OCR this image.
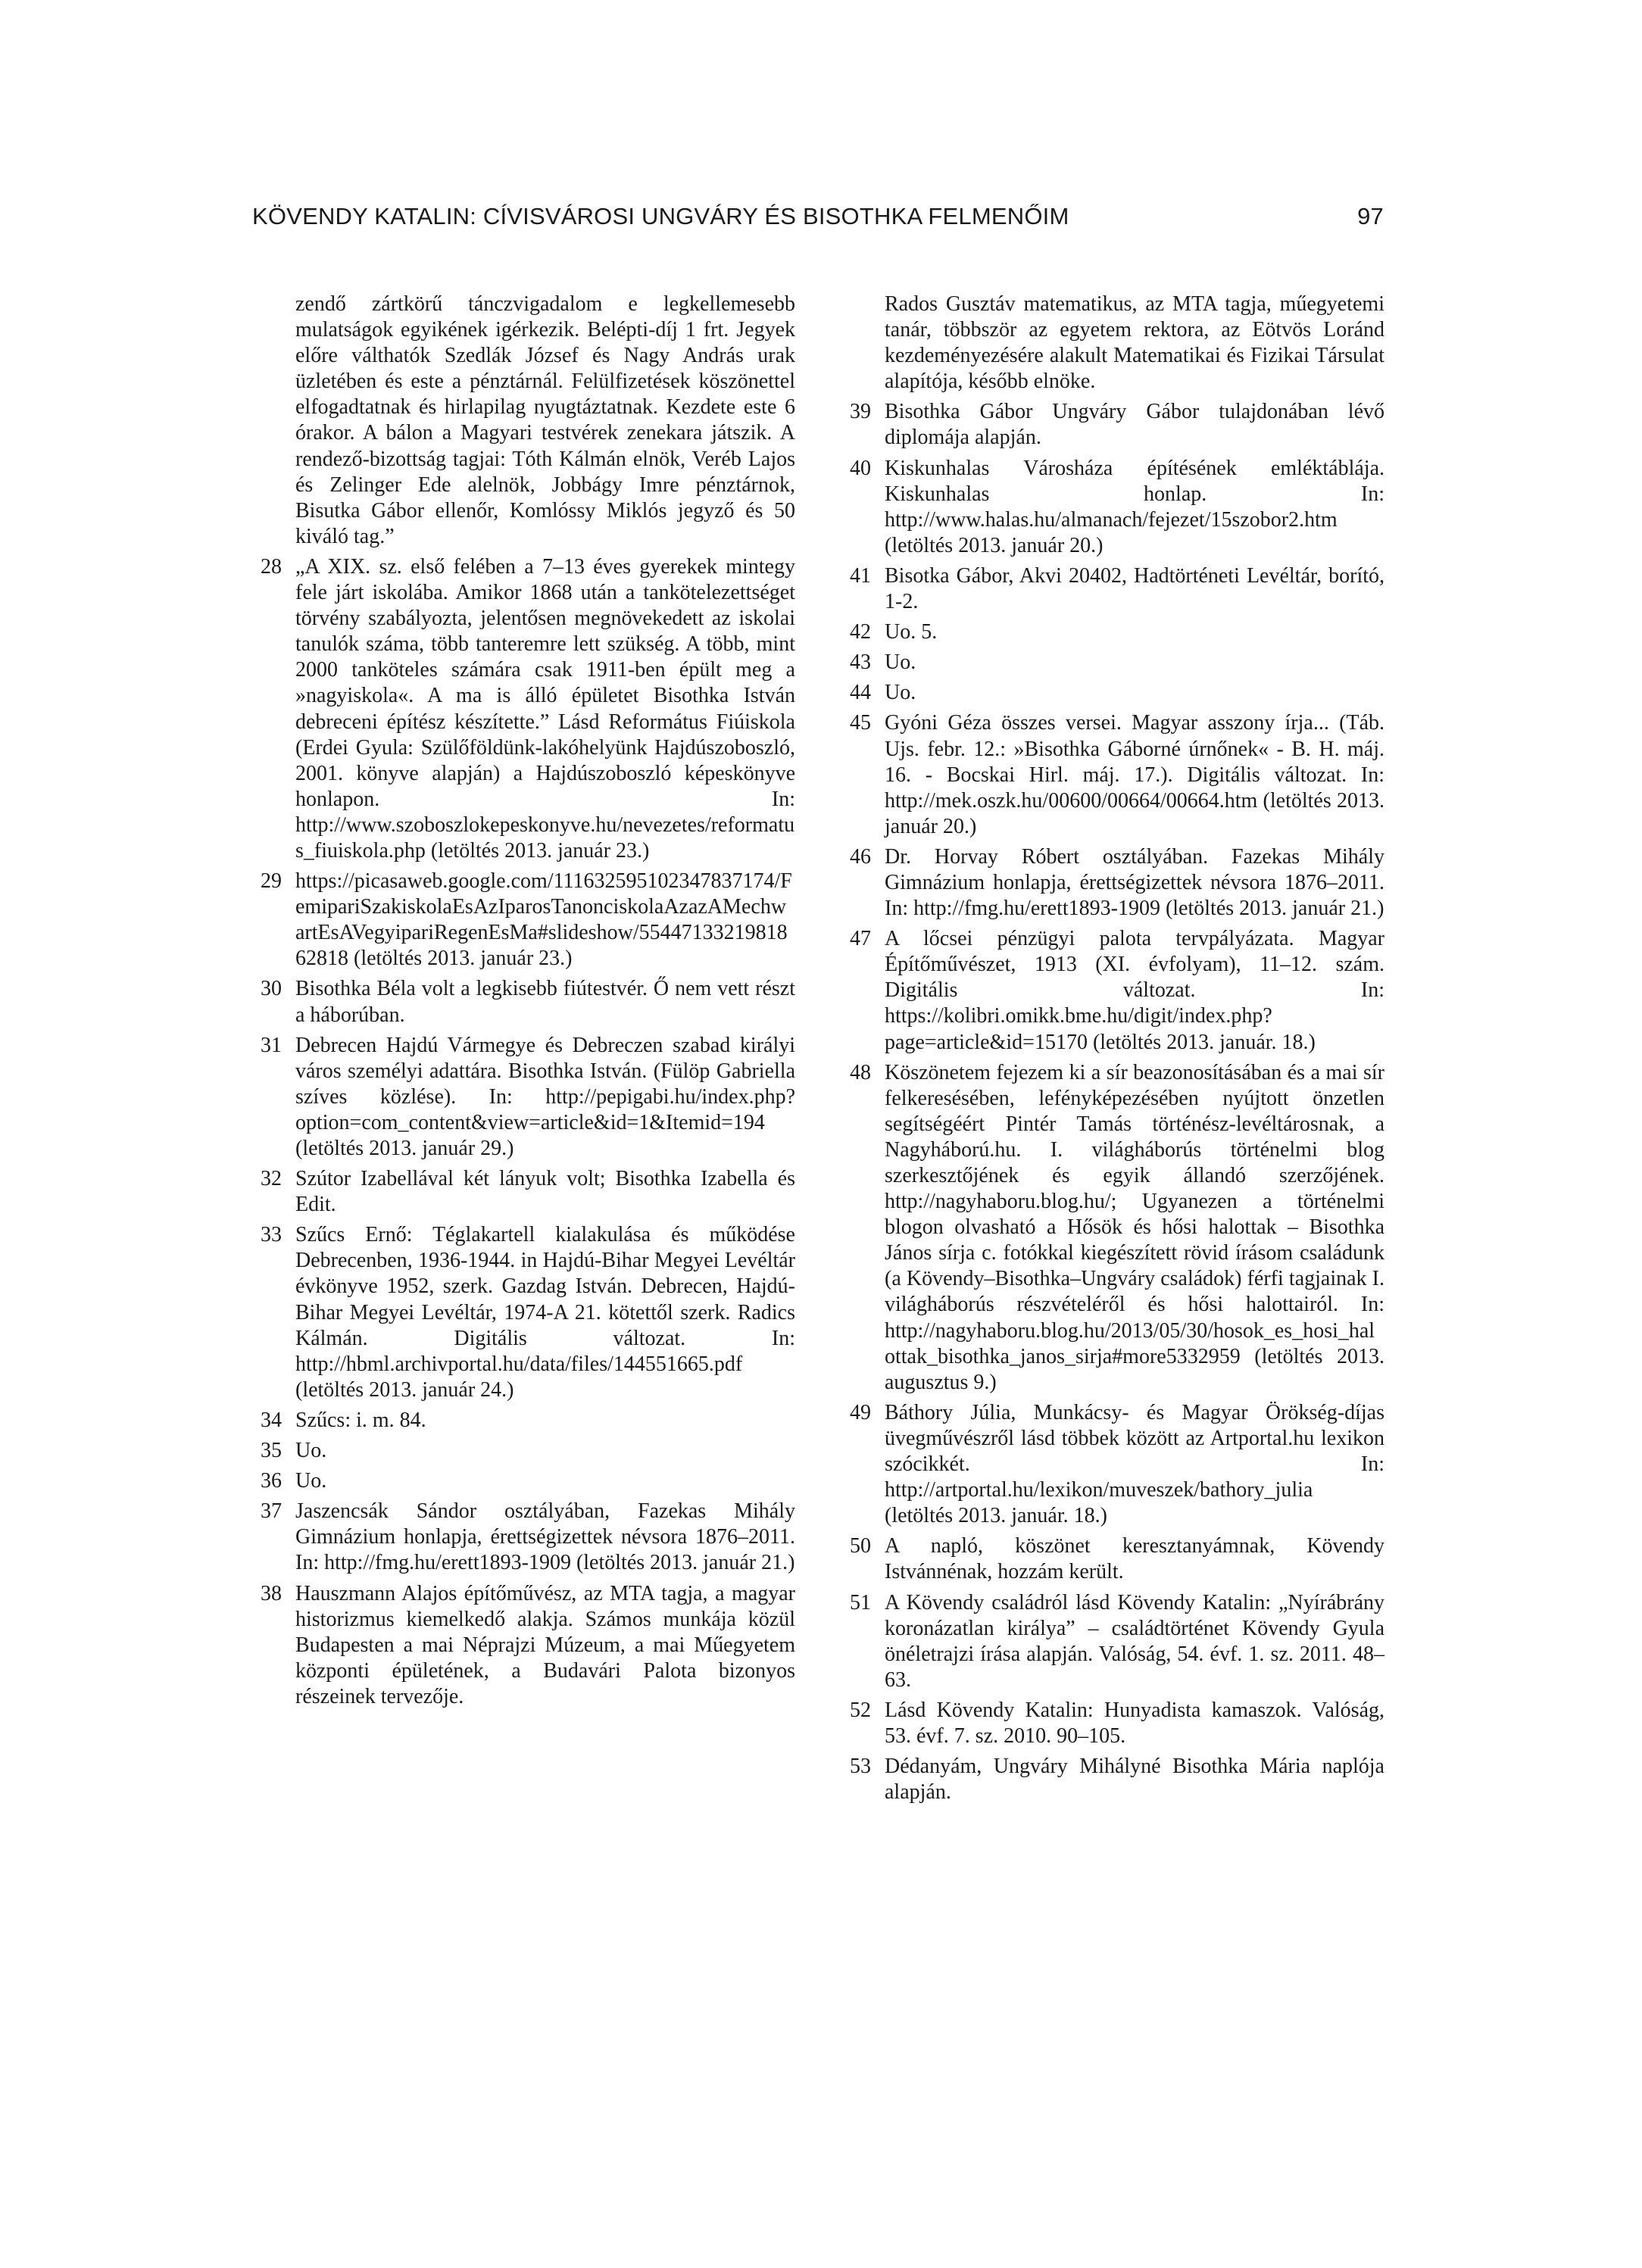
KÖVENDY KATALIN: CÍVISVÁROSI UNGVÁRY ÉS BISOTHKA FELMENŐIM	97
zendő zártkörű tánczvigadalom e legkellemesebb mulatságok egyikének igérkezik. Belépti-díj 1 frt. Jegyek előre válthatók Szedlák József és Nagy András urak üzletében és este a pénztárnál. Felülfizetések köszönettel elfogadtatnak és hirlapilag nyugtáztatnak. Kezdete este 6 órakor. A bálon a Magyari testvérek zenekara játszik. A rendező-bizottság tagjai: Tóth Kálmán elnök, Veréb Lajos és Zelinger Ede alelnök, Jobbágy Imre pénztárnok, Bisutka Gábor ellenőr, Komlóssy Miklós jegyző és 50 kiváló tag.”
28 „A XIX. sz. első felében a 7–13 éves gyerekek mintegy fele járt iskolába. Amikor 1868 után a tankötelezettséget törvény szabályozta, jelentősen megnövekedett az iskolai tanulók száma, több tanteremre lett szükség. A több, mint 2000 tanköteles számára csak 1911-ben épült meg a »nagyiskola«. A ma is álló épületet Bisothka István debreceni építész készítette.” Lásd Református Fiúiskola (Erdei Gyula: Szülőföldünk-lakóhelyünk Hajdúszoboszló, 2001. könyve alapján) a Hajdúszoboszló képeskönyve honlapon. In: http://www.szoboszlokepeskonyve.hu/nevezetes/reformatus_fiuiskola.php (letöltés 2013. január 23.)
29 https://picasaweb.google.com/111632595102347837174/FemipariSzakiskolaEsAzIparosTanonciskolaAzazAMechwartEsAVegyipariRegenEsMa#slideshow/5544713321981862818 (letöltés 2013. január 23.)
30 Bisothka Béla volt a legkisebb fiútestvér. Ő nem vett részt a háborúban.
31 Debrecen Hajdú Vármegye és Debreczen szabad királyi város személyi adattára. Bisothka István. (Fülöp Gabriella szíves közlése). In: http://pepigabi.hu/index.php?option=com_content&view=article&id=1&Itemid=194 (letöltés 2013. január 29.)
32 Szútor Izabellával két lányuk volt; Bisothka Izabella és Edit.
33 Szűcs Ernő: Téglakartell kialakulása és működése Debrecenben, 1936-1944. in Hajdú-Bihar Megyei Levéltár évkönyve 1952, szerk. Gazdag István. Debrecen, Hajdú-Bihar Megyei Levéltár, 1974-A 21. kötettől szerk. Radics Kálmán. Digitális változat. In: http://hbml.archivportal.hu/data/files/144551665.pdf (letöltés 2013. január 24.)
34 Szűcs: i. m. 84.
35 Uo.
36 Uo.
37 Jaszencsák Sándor osztályában, Fazekas Mihály Gimnázium honlapja, érettségizettek névsora 1876–2011. In: http://fmg.hu/erett1893-1909 (letöltés 2013. január 21.)
38 Hauszmann Alajos építőművész, az MTA tagja, a magyar historizmus kiemelkedő alakja. Számos munkája közül Budapesten a mai Néprajzi Múzeum, a mai Műegyetem központi épületének, a Budavári Palota bizonyos részeinek tervezője.
Rados Gusztáv matematikus, az MTA tagja, műegyetemi tanár, többször az egyetem rektora, az Eötvös Loránd kezdeményezésére alakult Matematikai és Fizikai Társulat alapítója, később elnöke.
39 Bisothka Gábor Ungváry Gábor tulajdonában lévő diplomája alapján.
40 Kiskunhalas Városháza építésének emléktáblája. Kiskunhalas honlap. In: http://www.halas.hu/almanach/fejezet/15szobor2.htm (letöltés 2013. január 20.)
41 Bisotka Gábor, Akvi 20402, Hadtörténeti Levéltár, borító, 1-2.
42 Uo. 5.
43 Uo.
44 Uo.
45 Gyóni Géza összes versei. Magyar asszony írja... (Táb. Ujs. febr. 12.: »Bisothka Gáborné úrnőnek« - B. H. máj. 16. - Bocskai Hirl. máj. 17.). Digitális változat. In: http://mek.oszk.hu/00600/00664/00664.htm (letöltés 2013. január 20.)
46 Dr. Horvay Róbert osztályában. Fazekas Mihály Gimnázium honlapja, érettségizettek névsora 1876–2011. In: http://fmg.hu/erett1893-1909 (letöltés 2013. január 21.)
47 A lőcsei pénzügyi palota tervpályázata. Magyar Építőművészet, 1913 (XI. évfolyam), 11–12. szám. Digitális változat. In: https://kolibri.omikk.bme.hu/digit/index.php?page=article&id=15170 (letöltés 2013. január. 18.)
48 Köszönetem fejezem ki a sír beazonosításában és a mai sír felkeresésében, lefényképezésében nyújtott önzetlen segítségéért Pintér Tamás történész-levéltárosnak, a Nagyháború.hu. I. világháborús történelmi blog szerkesztőjének és egyik állandó szerzőjének. http://nagyhaboru.blog.hu/; Ugyanezen a történelmi blogon olvasható a Hősök és hősi halottak – Bisothka János sírja c. fotókkal kiegészített rövid írásom családunk (a Kövendy–Bisothka–Ungváry családok) férfi tagjainak I. világháborús részvételéről és hősi halottairól. In: http://nagyhaboru.blog.hu/2013/05/30/hosok_es_hosi_halottak_bisothka_janos_sirja#more5332959 (letöltés 2013. augusztus 9.)
49 Báthory Júlia, Munkácsy- és Magyar Örökség-díjas üvegművészről lásd többek között az Artportal.hu lexikon szócikkét. In: http://artportal.hu/lexikon/muveszek/bathory_julia (letöltés 2013. január. 18.)
50 A napló, köszönet keresztanyámnak, Kövendy Istvánnénak, hozzám került.
51 A Kövendy családról lásd Kövendy Katalin: „Nyírábrány koronázatlan királya” – családtörténet Kövendy Gyula önéletrajzi írása alapján. Valóság, 54. évf. 1. sz. 2011. 48–63.
52 Lásd Kövendy Katalin: Hunyadista kamaszok. Valóság, 53. évf. 7. sz. 2010. 90–105.
53 Dédanyám, Ungváry Mihályné Bisothka Mária naplója alapján.
